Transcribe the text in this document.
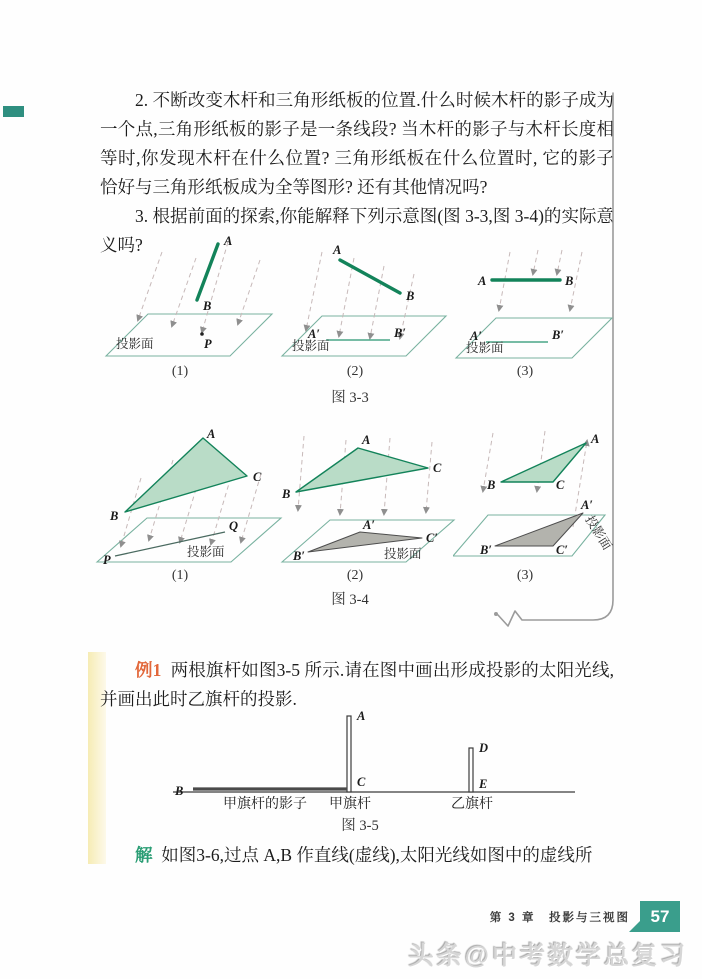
2. 不断改变木杆和三角形纸板的位置.什么时候木杆的影子成为一个点,三角形纸板的影子是一条线段? 当木杆的影子与木杆长度相等时,你发现木杆在什么位置? 三角形纸板在什么位置时, 它的影子恰好与三角形纸板成为全等图形? 还有其他情况吗?
3. 根据前面的探索,你能解释下列示意图(图 3-3,图 3-4)的实际意义吗?	A
B
P
投影面
(1)
A
B
A′	B′
投影面
(2)
A	B
A′	B′
投影面
(3)
图 3-3
A
B
C
P
Q
投影面
(1)
A
B
C
A′
B′
C′
投影面
(2)
A
B	C
A′
B′	C′ 投影面
(3)
图 3-4
例1 两根旗杆如图3-5 所示.请在图中画出形成投影的太阳光线,并画出此时乙旗杆的投影.
A
B
C
D
E
甲旗杆的影子 甲旗杆	乙旗杆
图 3-5
解 如图3-6,过点 A,B 作直线(虚线),太阳光线如图中的虚线所
第 3 章　投影与三视图 57
头条@中考数学总复习
